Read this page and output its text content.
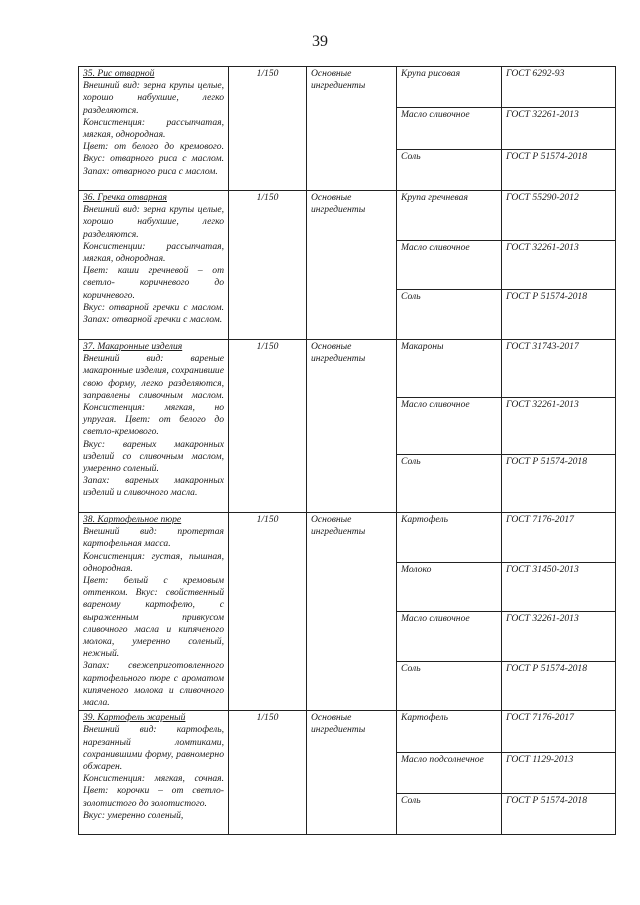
39
35. Рис отварной
Внешний вид: зерна крупы целые, хорошо набухшие, легко разделяются.
Консистенция: рассыпчатая, мягкая, однородная.
Цвет: от белого до кремового. Вкус: отварного риса с маслом. Запах: отварного риса с маслом.	1/150	Основные ингредиенты	Крупа рисовая	ГОСТ 6292-93
			Масло сливочное	ГОСТ 32261-2013
			Соль	ГОСТ Р 51574-2018

36. Гречка отварная
Внешний вид: зерна крупы целые, хорошо набухшие, легко разделяются.
Консистенции: рассыпчатая, мягкая, однородная.
Цвет: каши гречневой – от светло- коричневого до коричневого.
Вкус: отварной гречки с маслом. Запах: отварной гречки с маслом.	1/150	Основные ингредиенты	Крупа гречневая	ГОСТ 55290-2012
			Масло сливочное	ГОСТ 32261-2013
			Соль	ГОСТ Р 51574-2018

37. Макаронные изделия
Внешний вид: вареные макаронные изделия, сохранившие свою форму, легко разделяются, заправлены сливочным маслом. Консистенция: мягкая, но упругая. Цвет: от белого до светло-кремового.
Вкус: вареных макаронных изделий со сливочным маслом, умеренно соленый.
Запах: вареных макаронных изделий и сливочного масла.	1/150	Основные ингредиенты	Макароны	ГОСТ 31743-2017
			Масло сливочное	ГОСТ 32261-2013
			Соль	ГОСТ Р 51574-2018

38. Картофельное пюре
Внешний вид: протертая картофельная масса.
Консистенция: густая, пышная, однородная.
Цвет: белый с кремовым оттенком. Вкус: свойственный вареному картофелю, с выраженным привкусом сливочного масла и кипяченого молока, умеренно соленый, нежный.
Запах: свежеприготовленного картофельного пюре с ароматом кипяченого молока и сливочного масла.	1/150	Основные ингредиенты	Картофель	ГОСТ 7176-2017
			Молоко	ГОСТ 31450-2013
			Масло сливочное	ГОСТ 32261-2013
			Соль	ГОСТ Р 51574-2018

39. Картофель жареный
Внешний вид: картофель, нарезанный ломтиками, сохранившими форму, равномерно обжарен.
Консистенция: мягкая, сочная. Цвет: корочки – от светло-золотистого до золотистого.
Вкус: умеренно соленый,	1/150	Основные ингредиенты	Картофель	ГОСТ 7176-2017
			Масло подсолнечное	ГОСТ 1129-2013
			Соль	ГОСТ Р 51574-2018
